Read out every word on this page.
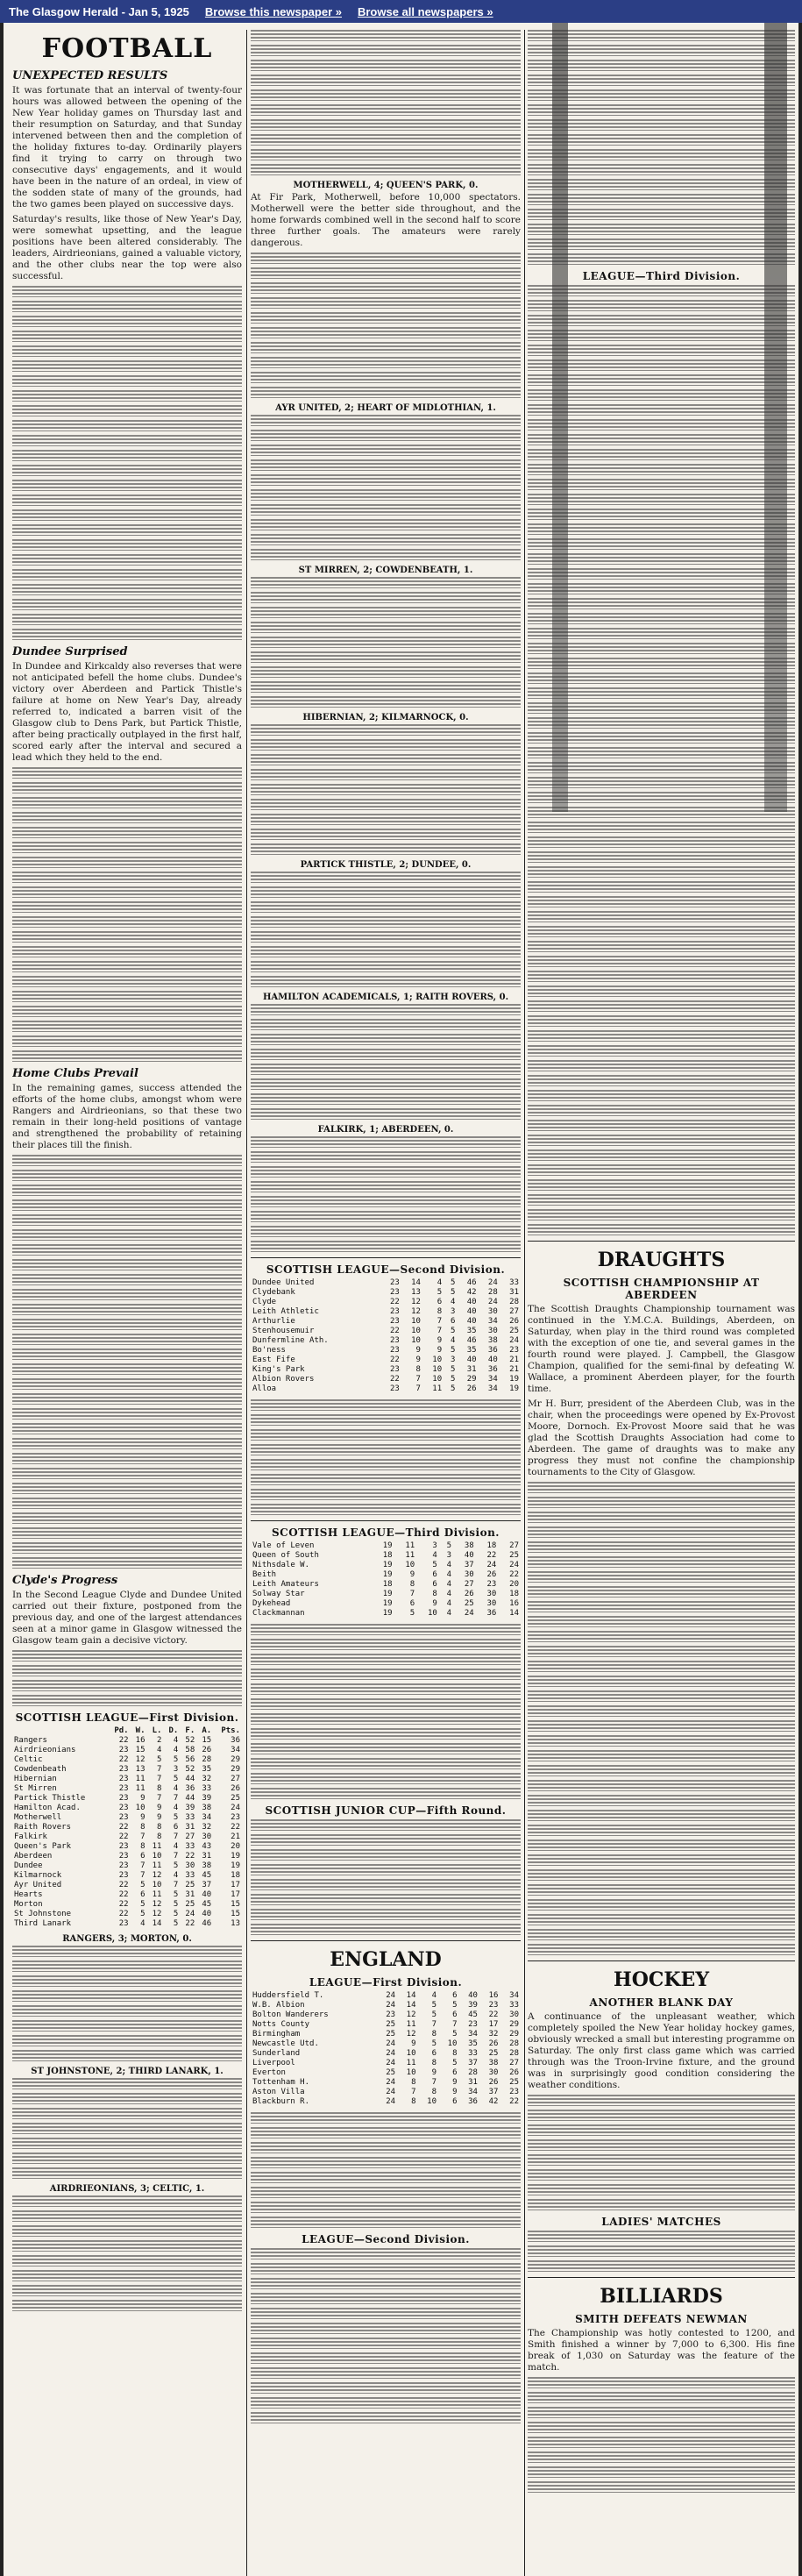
The Glasgow Herald - Jan 5, 1925 Browse this newspaper » Browse all newspapers »
FOOTBALL
UNEXPECTED RESULTS

It was fortunate that an interval of twenty-four hours was allowed between the opening of the New Year holiday games on Thursday last and their resumption on Saturday, and that Sunday intervened between then and the completion of the holiday fixtures to-day. Ordinarily players find it trying to carry on through two consecutive days' engagements, and it would have been in the nature of an ordeal, in view of the sodden state of many of the grounds, had the two games been played on successive days.

Saturday's results, like those of New Year's Day, were somewhat upsetting, and the league positions have been altered considerably. The leaders, Airdrieonians, gained a valuable victory, and the other clubs near the top were also successful.

Dundee Surprised

In Dundee and Kirkcaldy also reverses that were not anticipated befell the home clubs. Dundee's victory over Aberdeen and Partick Thistle's failure at home on New Year's Day, already referred to, indicated a barren visit of the Glasgow club to Dens Park, but Partick Thistle, after being practically outplayed in the first half, scored early after the interval and secured a lead which they held to the end.

Home Clubs Prevail

In the remaining games, success attended the efforts of the home clubs, amongst whom were Rangers and Airdrieonians, so that these two remain in their long-held positions of vantage and strengthened the probability of retaining their places till the finish.

Clyde's Progress

In the Second League Clyde and Dundee United carried out their fixture, postponed from the previous day, and one of the largest attendances seen at a minor game in Glasgow witnessed the Glasgow team gain a decisive victory.

SCOTTISH LEAGUE—First Division.
	Pd.	W.	L.	D.	F.	A.	Pts.
Rangers	22	16	2	4	52	15	36
Airdrieonians	23	15	4	4	58	26	34
Celtic	22	12	5	5	56	28	29
Cowdenbeath	23	13	7	3	52	35	29
Hibernian	23	11	7	5	44	32	27
St Mirren	23	11	8	4	36	33	26
Partick Thistle	23	9	7	7	44	39	25
Hamilton Acad.	23	10	9	4	39	38	24
Motherwell	23	9	9	5	33	34	23
Raith Rovers	22	8	8	6	31	32	22
Falkirk	22	7	8	7	27	30	21
Queen's Park	23	8	11	4	33	43	20
Aberdeen	23	6	10	7	22	31	19
Dundee	23	7	11	5	30	38	19
Kilmarnock	23	7	12	4	33	45	18
Ayr United	22	5	10	7	25	37	17
Hearts	22	6	11	5	31	40	17
Morton	22	5	12	5	25	45	15
St Johnstone	22	5	12	5	24	40	15
Third Lanark	23	4	14	5	22	46	13
RANGERS, 3; MORTON, 0.
ST JOHNSTONE, 2; THIRD LANARK, 1.
AIRDRIEONIANS, 3; CELTIC, 1.
MOTHERWELL, 4; QUEEN'S PARK, 0.

At Fir Park, Motherwell, before 10,000 spectators. Motherwell were the better side throughout, and the home forwards combined well in the second half to score three further goals. The amateurs were rarely dangerous.

AYR UNITED, 2; HEART OF MIDLOTHIAN, 1.
ST MIRREN, 2; COWDENBEATH, 1.
HIBERNIAN, 2; KILMARNOCK, 0.
PARTICK THISTLE, 2; DUNDEE, 0.
HAMILTON ACADEMICALS, 1; RAITH ROVERS, 0.
FALKIRK, 1; ABERDEEN, 0.
SCOTTISH LEAGUE—Second Division.
Dundee United	23	14	4	5	46	24	33
Clydebank	23	13	5	5	42	28	31
Clyde	22	12	6	4	40	24	28
Leith Athletic	23	12	8	3	40	30	27
Arthurlie	23	10	7	6	40	34	26
Stenhousemuir	22	10	7	5	35	30	25
Dunfermline Ath.	23	10	9	4	46	38	24
Bo'ness	23	9	9	5	35	36	23
East Fife	22	9	10	3	40	40	21
King's Park	23	8	10	5	31	36	21
Albion Rovers	22	7	10	5	29	34	19
Alloa	23	7	11	5	26	34	19
SCOTTISH LEAGUE—Third Division.
Vale of Leven	19	11	3	5	38	18	27
Queen of South	18	11	4	3	40	22	25
Nithsdale W.	19	10	5	4	37	24	24
Beith	19	9	6	4	30	26	22
Leith Amateurs	18	8	6	4	27	23	20
Solway Star	19	7	8	4	26	30	18
Dykehead	19	6	9	4	25	30	16
Clackmannan	19	5	10	4	24	36	14
SCOTTISH JUNIOR CUP—Fifth Round.
ENGLAND
LEAGUE—First Division.
Huddersfield T.	24	14	4	6	40	16	34
W.B. Albion	24	14	5	5	39	23	33
Bolton Wanderers	23	12	5	6	45	22	30
Notts County	25	11	7	7	23	17	29
Birmingham	25	12	8	5	34	32	29
Newcastle Utd.	24	9	5	10	35	26	28
Sunderland	24	10	6	8	33	25	28
Liverpool	24	11	8	5	37	38	27
Everton	25	10	9	6	28	30	26
Tottenham H.	24	8	7	9	31	26	25
Aston Villa	24	7	8	9	34	37	23
Blackburn R.	24	8	10	6	36	42	22
LEAGUE—Second Division.
LEAGUE—Third Division.
DRAUGHTS
SCOTTISH CHAMPIONSHIP AT ABERDEEN

The Scottish Draughts Championship tournament was continued in the Y.M.C.A. Buildings, Aberdeen, on Saturday, when play in the third round was completed with the exception of one tie, and several games in the fourth round were played. J. Campbell, the Glasgow Champion, qualified for the semi-final by defeating W. Wallace, a prominent Aberdeen player, for the fourth time.

Mr H. Burr, president of the Aberdeen Club, was in the chair, when the proceedings were opened by Ex-Provost Moore, Dornoch. Ex-Provost Moore said that he was glad the Scottish Draughts Association had come to Aberdeen. The game of draughts was to make any progress they must not confine the championship tournaments to the City of Glasgow.

HOCKEY
ANOTHER BLANK DAY

A continuance of the unpleasant weather, which completely spoiled the New Year holiday hockey games, obviously wrecked a small but interesting programme on Saturday. The only first class game which was carried through was the Troon-Irvine fixture, and the ground was in surprisingly good condition considering the weather conditions.

LADIES' MATCHES
BILLIARDS
SMITH DEFEATS NEWMAN

The Championship was hotly contested to 1200, and Smith finished a winner by 7,000 to 6,300. His fine break of 1,030 on Saturday was the feature of the match.
